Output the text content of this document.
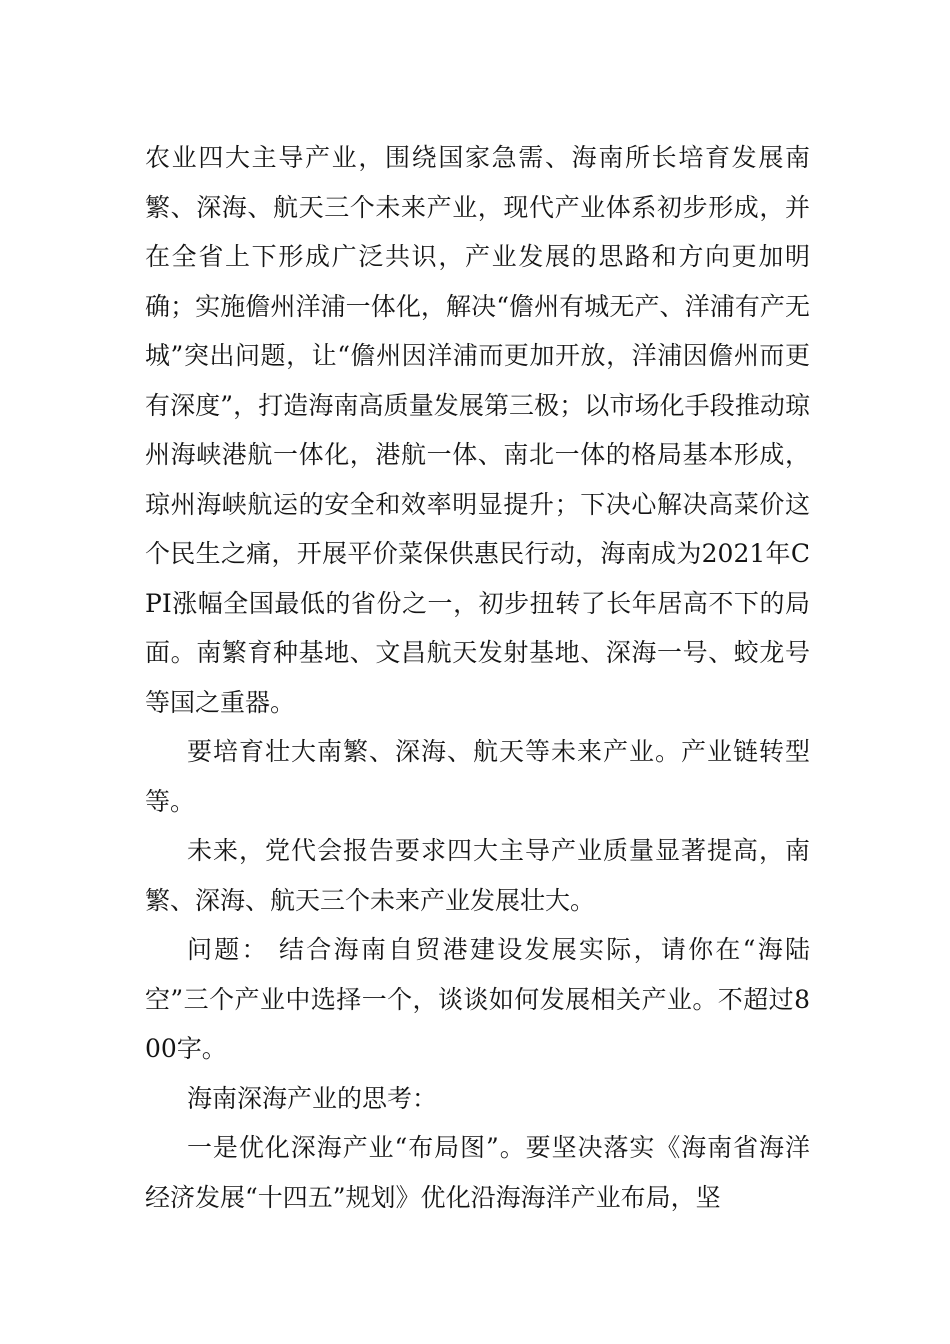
农业四大主导产业，围绕国家急需、海南所长培育发展南繁、深海、航天三个未来产业，现代产业体系初步形成，并在全省上下形成广泛共识，产业发展的思路和方向更加明确；实施儋州洋浦一体化，解决“儋州有城无产、洋浦有产无城”突出问题，让“儋州因洋浦而更加开放，洋浦因儋州而更有深度”，打造海南高质量发展第三极；以市场化手段推动琼州海峡港航一体化，港航一体、南北一体的格局基本形成，琼州海峡航运的安全和效率明显提升；下决心解决高菜价这个民生之痛，开展平价菜保供惠民行动，海南成为2021年CPI涨幅全国最低的省份之一，初步扭转了长年居高不下的局面。南繁育种基地、文昌航天发射基地、深海一号、蛟龙号等国之重器。

要培育壮大南繁、深海、航天等未来产业。产业链转型等。

未来，党代会报告要求四大主导产业质量显著提高，南繁、深海、航天三个未来产业发展壮大。

问题： 结合海南自贸港建设发展实际，请你在“海陆空”三个产业中选择一个，谈谈如何发展相关产业。不超过800字。

海南深海产业的思考：

一是优化深海产业“布局图”。要坚决落实《海南省海洋经济发展“十四五”规划》优化沿海海洋产业布局，坚
